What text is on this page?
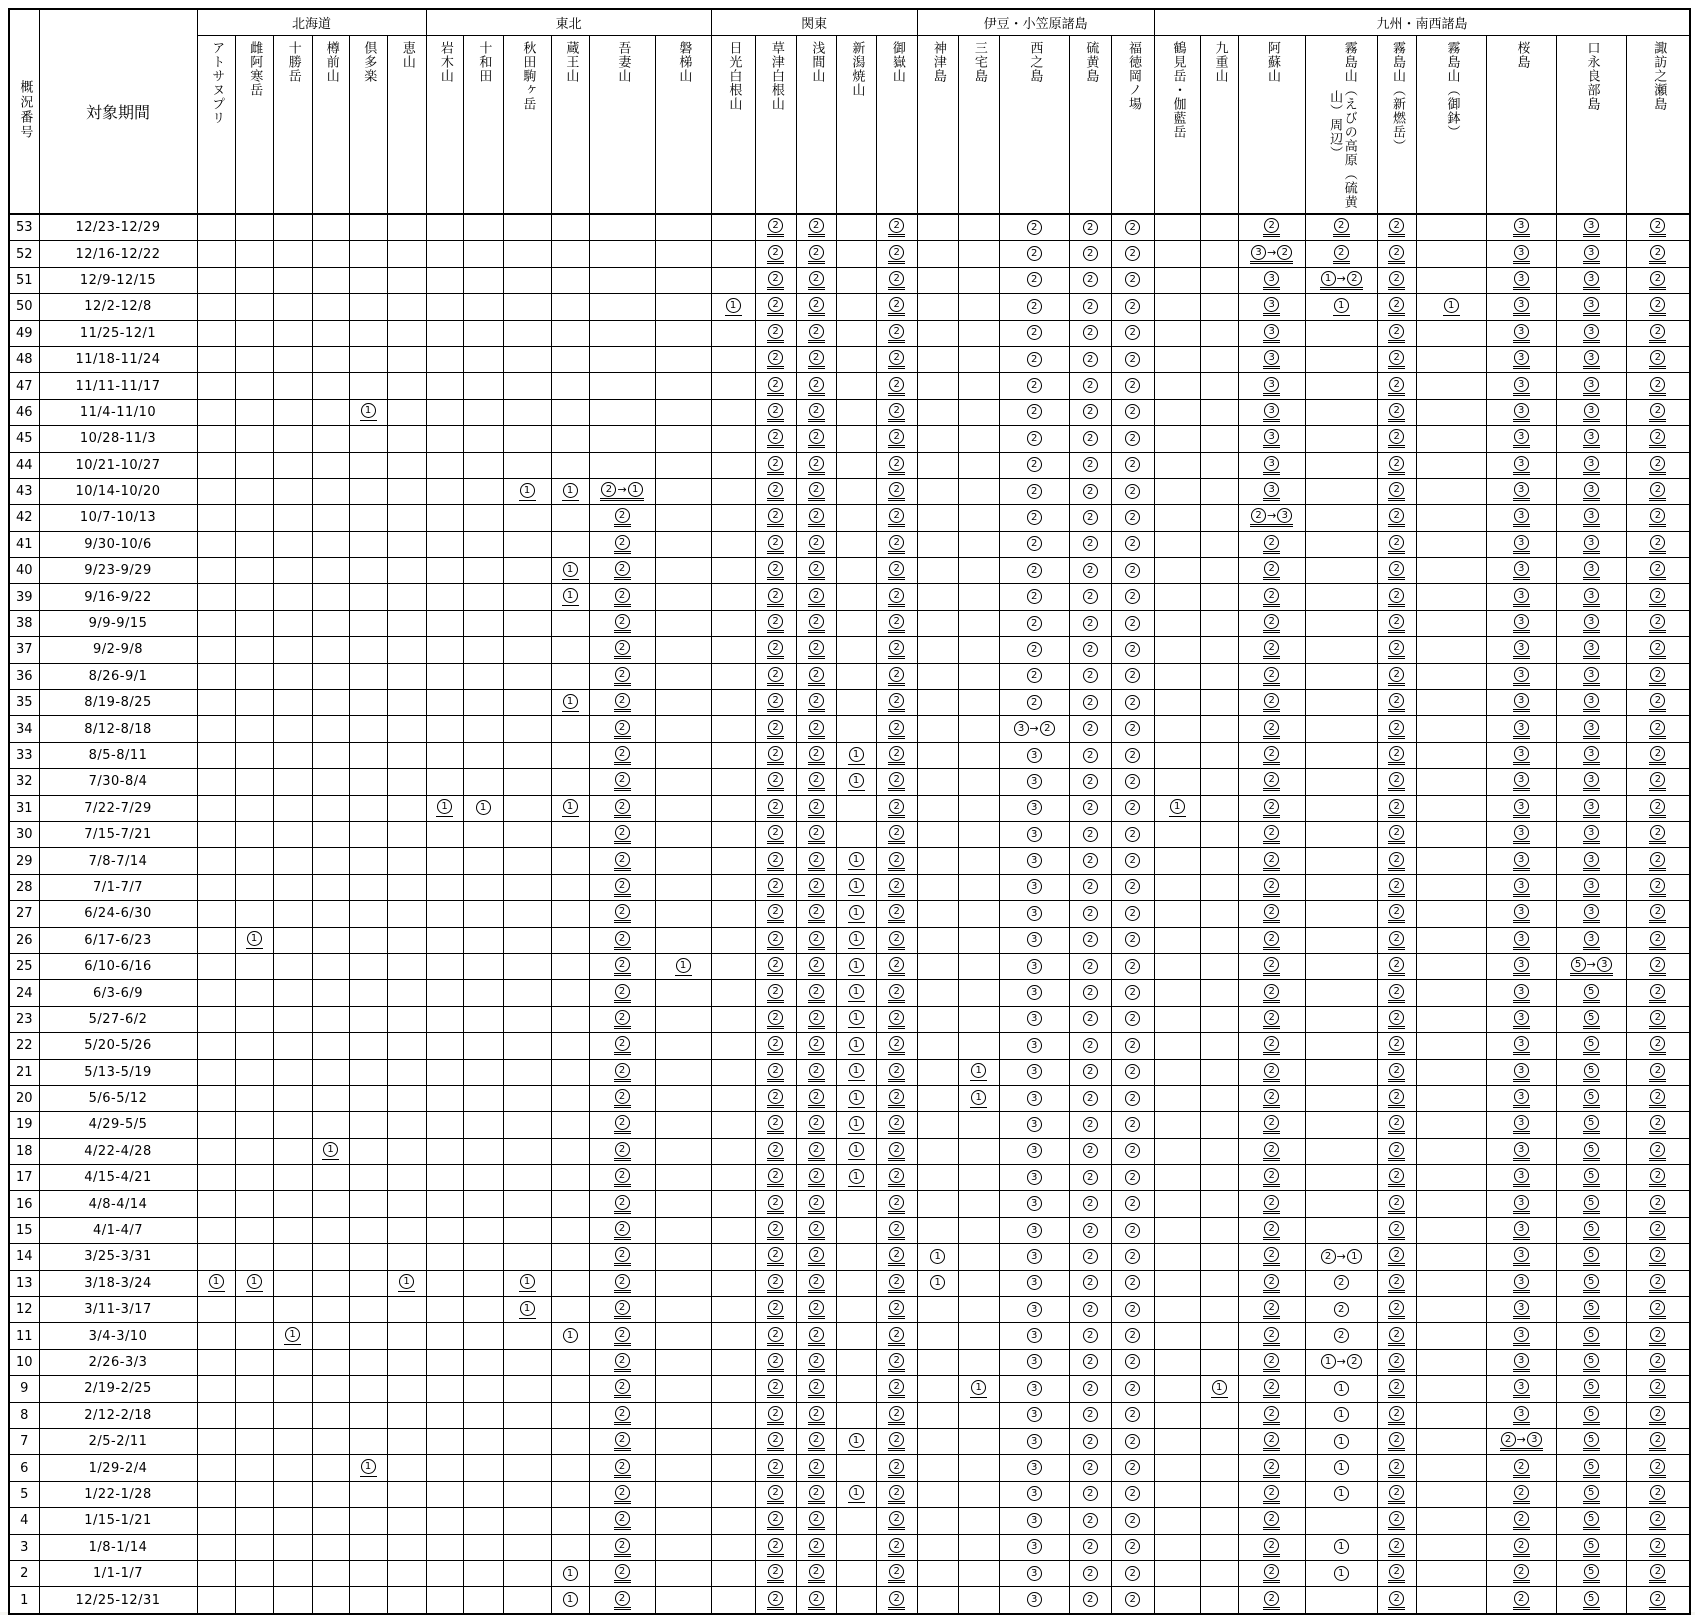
概況番号	対象期間	北海道						東北						関東					伊豆・小笠原諸島					九州・南西諸島								
		アトサヌプリ	雌阿寒岳	十勝岳	樽前山	倶多楽	恵山	岩木山	十和田	秋田駒ヶ岳	蔵王山	吾妻山	磐梯山	日光白根山	草津白根山	浅間山	新潟焼山	御嶽山	神津島	三宅島	西之島	硫黄島	福徳岡ノ場	鶴見岳・伽藍岳	九重山	阿蘇山	霧島山（えびの高原（硫黄山）周辺）	霧島山（新燃岳）	霧島山（御鉢）	桜島	口永良部島	諏訪之瀬島
53	12/23-12/29														2	2		2			2	2	2			2	2	2		3	3	2
52	12/16-12/22														2	2		2			2	2	2			3 → 2	2	2		3	3	2
51	12/9-12/15														2	2		2			2	2	2			3	1 → 2	2		3	3	2
50	12/2-12/8													1	2	2		2			2	2	2			3	1	2	1	3	3	2
49	11/25-12/1														2	2		2			2	2	2			3		2		3	3	2
48	11/18-11/24														2	2		2			2	2	2			3		2		3	3	2
47	11/11-11/17														2	2		2			2	2	2			3		2		3	3	2
46	11/4-11/10					1									2	2		2			2	2	2			3		2		3	3	2
45	10/28-11/3														2	2		2			2	2	2			3		2		3	3	2
44	10/21-10/27														2	2		2			2	2	2			3		2		3	3	2
43	10/14-10/20									1	1	2 → 1			2	2		2			2	2	2			3		2		3	3	2
42	10/7-10/13											2			2	2		2			2	2	2			2 → 3		2		3	3	2
41	9/30-10/6											2			2	2		2			2	2	2			2		2		3	3	2
40	9/23-9/29										1	2			2	2		2			2	2	2			2		2		3	3	2
39	9/16-9/22										1	2			2	2		2			2	2	2			2		2		3	3	2
38	9/9-9/15											2			2	2		2			2	2	2			2		2		3	3	2
37	9/2-9/8											2			2	2		2			2	2	2			2		2		3	3	2
36	8/26-9/1											2			2	2		2			2	2	2			2		2		3	3	2
35	8/19-8/25										1	2			2	2		2			2	2	2			2		2		3	3	2
34	8/12-8/18											2			2	2		2			3 → 2	2	2			2		2		3	3	2
33	8/5-8/11											2			2	2	1	2			3	2	2			2		2		3	3	2
32	7/30-8/4											2			2	2	1	2			3	2	2			2		2		3	3	2
31	7/22-7/29							1	1		1	2			2	2		2			3	2	2	1		2		2		3	3	2
30	7/15-7/21											2			2	2		2			3	2	2			2		2		3	3	2
29	7/8-7/14											2			2	2	1	2			3	2	2			2		2		3	3	2
28	7/1-7/7											2			2	2	1	2			3	2	2			2		2		3	3	2
27	6/24-6/30											2			2	2	1	2			3	2	2			2		2		3	3	2
26	6/17-6/23		1									2			2	2	1	2			3	2	2			2		2		3	3	2
25	6/10-6/16											2	1		2	2	1	2			3	2	2			2		2		3	5 → 3	2
24	6/3-6/9											2			2	2	1	2			3	2	2			2		2		3	5	2
23	5/27-6/2											2			2	2	1	2			3	2	2			2		2		3	5	2
22	5/20-5/26											2			2	2	1	2			3	2	2			2		2		3	5	2
21	5/13-5/19											2			2	2	1	2		1	3	2	2			2		2		3	5	2
20	5/6-5/12											2			2	2	1	2		1	3	2	2			2		2		3	5	2
19	4/29-5/5											2			2	2	1	2			3	2	2			2		2		3	5	2
18	4/22-4/28				1							2			2	2	1	2			3	2	2			2		2		3	5	2
17	4/15-4/21											2			2	2	1	2			3	2	2			2		2		3	5	2
16	4/8-4/14											2			2	2		2			3	2	2			2		2		3	5	2
15	4/1-4/7											2			2	2		2			3	2	2			2		2		3	5	2
14	3/25-3/31											2			2	2		2	1		3	2	2			2	2 → 1	2		3	5	2
13	3/18-3/24	1	1				1			1		2			2	2		2	1		3	2	2			2	2	2		3	5	2
12	3/11-3/17									1		2			2	2		2			3	2	2			2	2	2		3	5	2
11	3/4-3/10			1							1	2			2	2		2			3	2	2			2	2	2		3	5	2
10	2/26-3/3											2			2	2		2			3	2	2			2	1 → 2	2		3	5	2
9	2/19-2/25											2			2	2		2		1	3	2	2		1	2	1	2		3	5	2
8	2/12-2/18											2			2	2		2			3	2	2			2	1	2		3	5	2
7	2/5-2/11											2			2	2	1	2			3	2	2			2	1	2		2 → 3	5	2
6	1/29-2/4					1						2			2	2		2			3	2	2			2	1	2		2	5	2
5	1/22-1/28											2			2	2	1	2			3	2	2			2	1	2		2	5	2
4	1/15-1/21											2			2	2		2			3	2	2			2		2		2	5	2
3	1/8-1/14											2			2	2		2			3	2	2			2	1	2		2	5	2
2	1/1-1/7										1	2			2	2		2			3	2	2			2	1	2		2	5	2
1	12/25-12/31										1	2			2	2		2			3	2	2			2		2		2	5	2
